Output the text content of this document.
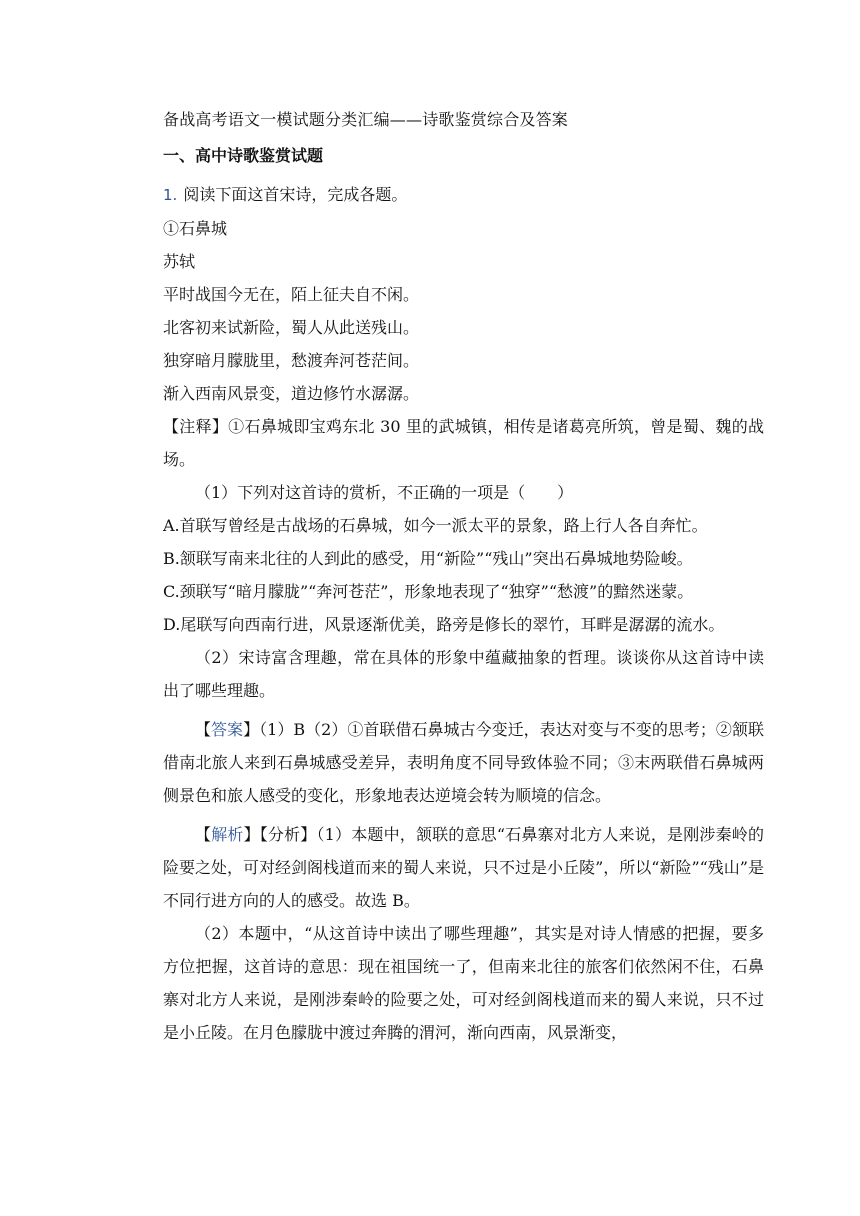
备战高考语文一模试题分类汇编——诗歌鉴赏综合及答案

一、高中诗歌鉴赏试题

1. 阅读下面这首宋诗，完成各题。

①石鼻城

苏轼

平时战国今无在，陌上征夫自不闲。

北客初来试新险，蜀人从此送残山。

独穿暗月朦胧里，愁渡奔河苍茫间。

渐入西南风景变，道边修竹水潺潺。

【注释】①石鼻城即宝鸡东北 30 里的武城镇，相传是诸葛亮所筑，曾是蜀、魏的战场。

（1）下列对这首诗的赏析，不正确的一项是（　　）

A.首联写曾经是古战场的石鼻城，如今一派太平的景象，路上行人各自奔忙。

B.颔联写南来北往的人到此的感受，用“新险”“残山”突出石鼻城地势险峻。

C.颈联写“暗月朦胧”“奔河苍茫”，形象地表现了“独穿”“愁渡”的黯然迷蒙。

D.尾联写向西南行进，风景逐渐优美，路旁是修长的翠竹，耳畔是潺潺的流水。

（2）宋诗富含理趣，常在具体的形象中蕴藏抽象的哲理。谈谈你从这首诗中读出了哪些理趣。

【答案】（1）B（2）①首联借石鼻城古今变迁，表达对变与不变的思考；②颔联借南北旅人来到石鼻城感受差异，表明角度不同导致体验不同；③末两联借石鼻城两侧景色和旅人感受的变化，形象地表达逆境会转为顺境的信念。

【解析】【分析】（1）本题中，颔联的意思“石鼻寨对北方人来说，是刚涉秦岭的险要之处，可对经剑阁栈道而来的蜀人来说，只不过是小丘陵”，所以“新险”“残山”是不同行进方向的人的感受。故选 B。

（2）本题中，“从这首诗中读出了哪些理趣”，其实是对诗人情感的把握，要多方位把握，这首诗的意思：现在祖国统一了，但南来北往的旅客们依然闲不住，石鼻寨对北方人来说，是刚涉秦岭的险要之处，可对经剑阁栈道而来的蜀人来说，只不过是小丘陵。在月色朦胧中渡过奔腾的渭河，渐向西南，风景渐变，
